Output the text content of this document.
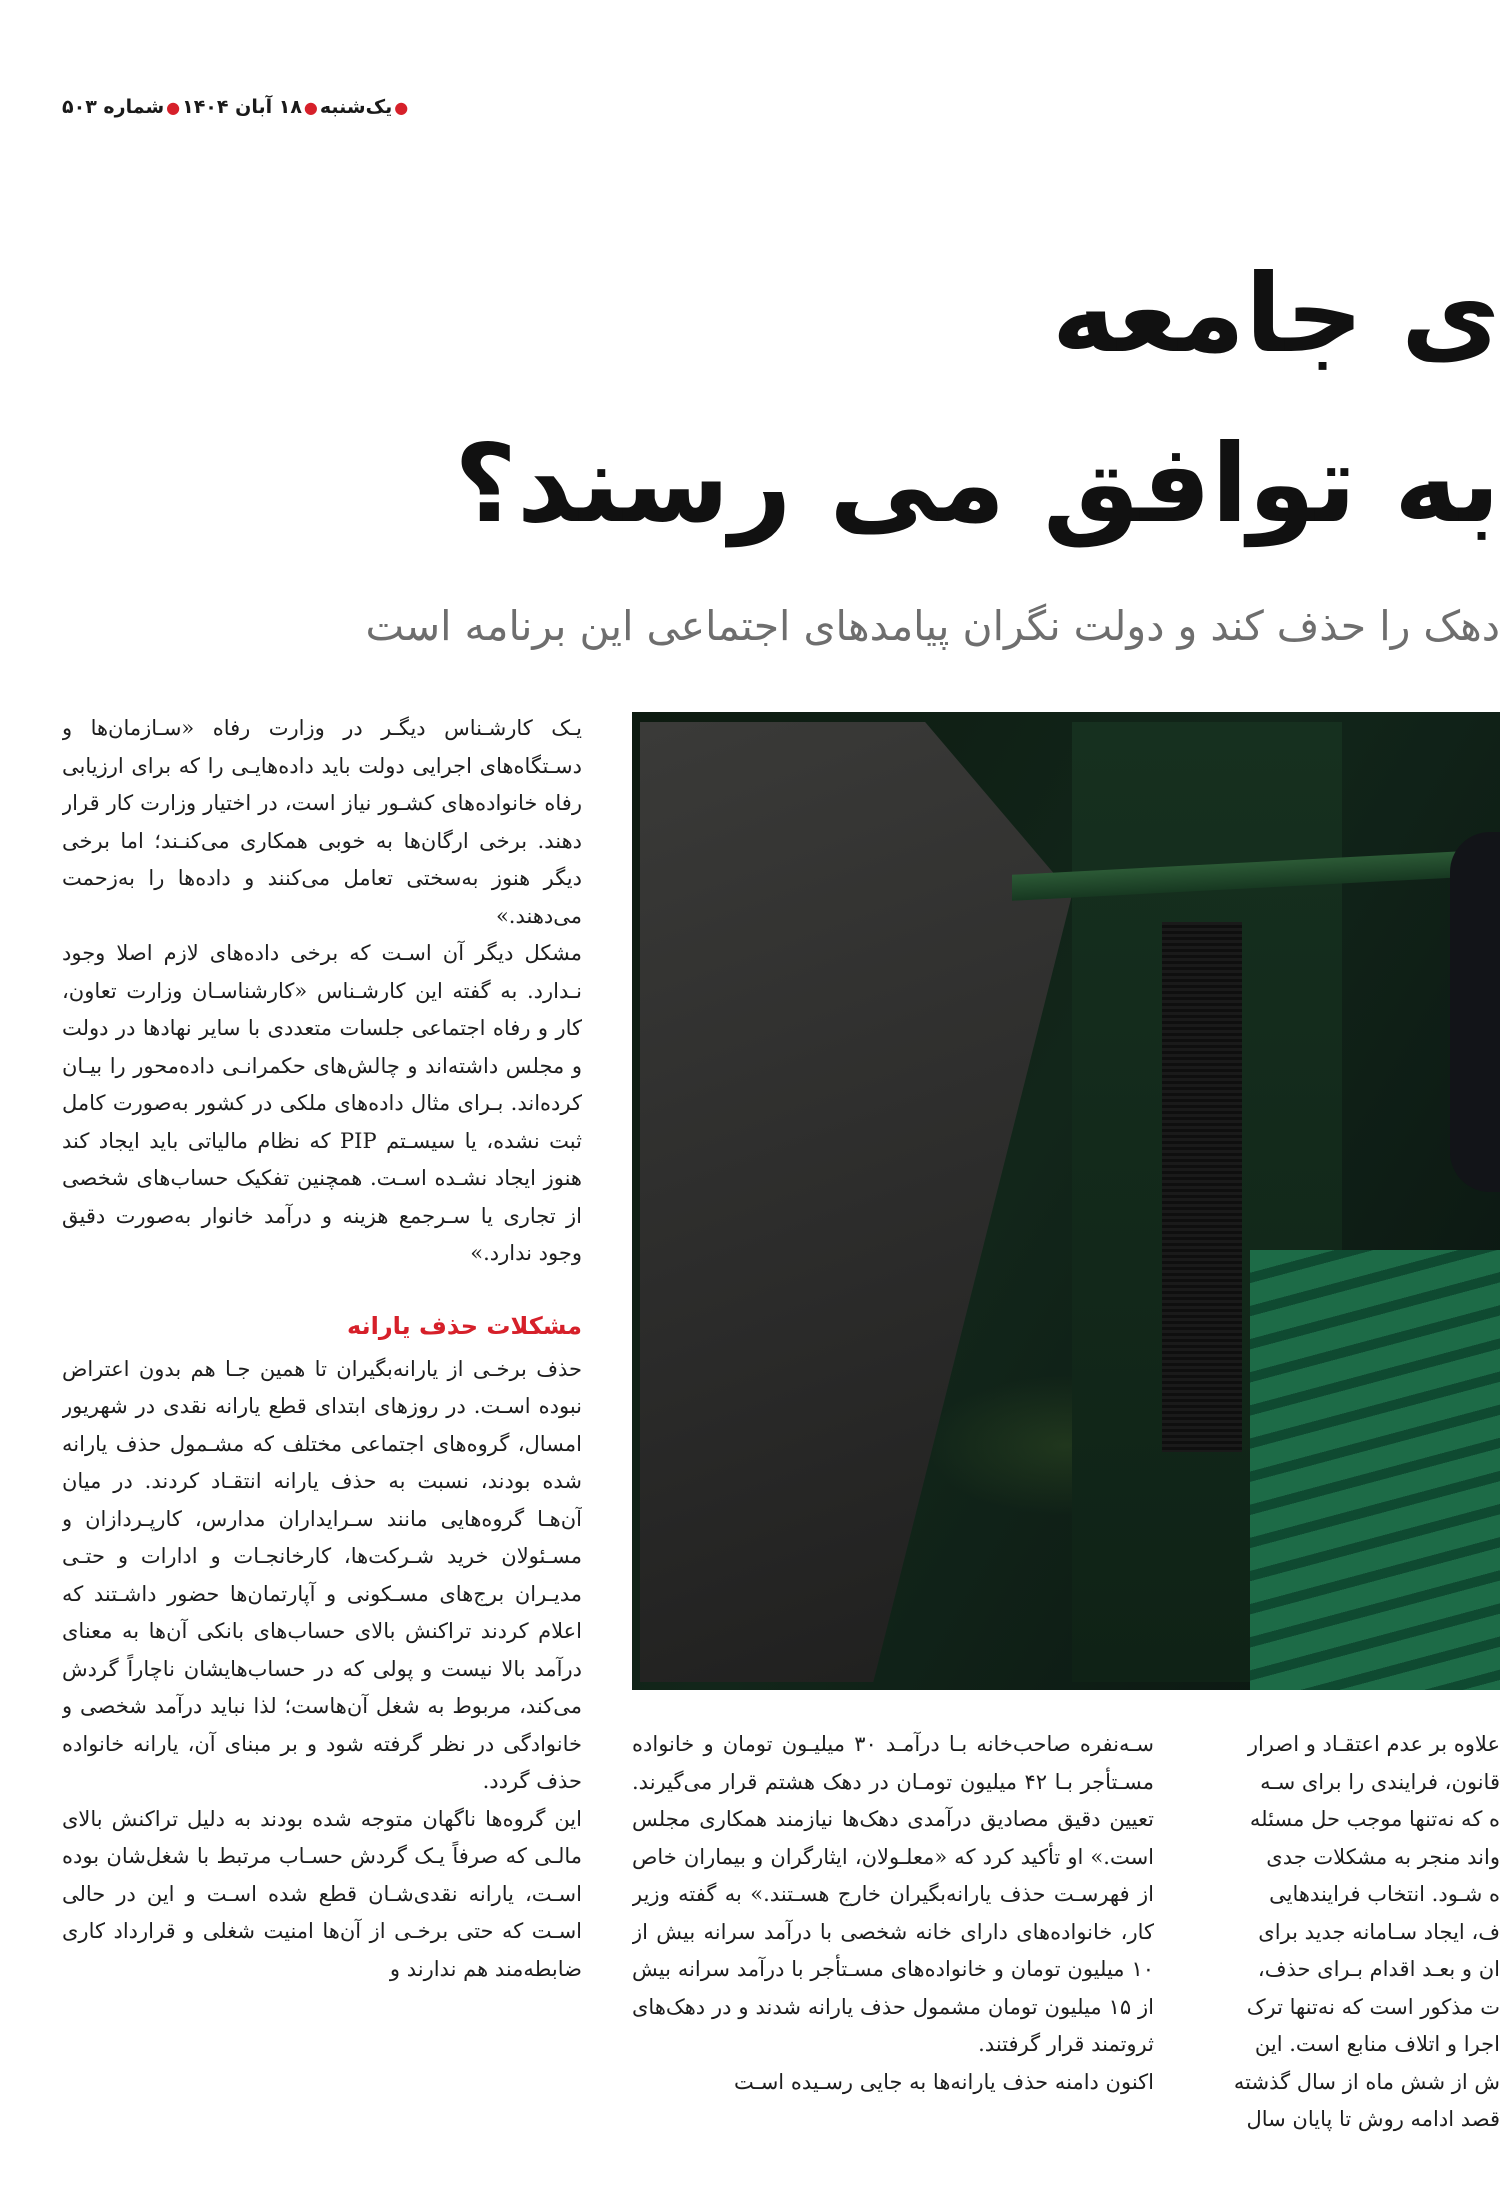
●یک‌شنبه●۱۸ آبان ۱۴۰۴●شماره ۵۰۳
ی جامعه
به توافق می رسند؟
دهک را حذف کند و دولت نگران پیامدهای اجتماعی این برنامه است

یـک کارشـناس دیگـر در وزارت رفاه «سـازمان‌ها و دسـتگاه‌های اجرایی دولت باید داده‌هایـی را که برای ارزیابی رفاه خانواده‌های کشـور نیاز است، در اختیار وزارت کار قرار دهند. برخی ارگان‌ها به خوبی همکاری می‌کنـند؛ اما برخی دیگر هنوز به‌سختی تعامل می‌کنند و داده‌ها را به‌زحمت می‌دهند.»

مشکل دیگر آن اسـت که برخی داده‌های لازم اصلا وجود نـدارد. به گفته این کارشـناس «کارشناسـان وزارت تعاون، کار و رفاه اجتماعی جلسات متعددی با سایر نهادها در دولت و مجلس داشته‌اند و چالش‌های حکمرانـی داده‌محور را بیـان کرده‌اند. بـرای مثال داده‌های ملکی در کشور به‌صورت کامل ثبت نشده، یا سیسـتم PIP که نظام مالیاتی باید ایجاد کند هنوز ایجاد نشـده اسـت. همچنین تفکیک حساب‌های شخصی از تجاری یا سـرجمع هزینه و درآمد خانوار به‌صورت دقیق وجود ندارد.»

مشکلات حذف یارانه

حذف برخـی از یارانه‌بگیران تا همین جـا هم بدون اعتراض نبوده اسـت. در روزهای ابتدای قطع یارانه نقدی در شهریور امسال، گروه‌های اجتماعی مختلف که مشـمول حذف یارانه شده بودند، نسبت به حذف یارانه انتقـاد کردند. در میان آن‌هـا گروه‌هایی مانند سـرایداران مدارس، کارپـردازان و مسـئولان خرید شـرکت‌ها، کارخانجـات و ادارات و حتـی مدیـران برج‌های مسـکونی و آپارتمان‌ها حضور داشـتند که اعلام کردند تراکنش بالای حساب‌های بانکی آن‌ها به معنای درآمد بالا نیست و پولی که در حساب‌هایشان ناچاراً گردش می‌کند، مربوط به شغل آن‌هاست؛ لذا نباید درآمد شخصی و خانوادگی در نظر گرفته شود و بر مبنای آن، یارانه خانواده حذف گردد.

این گروه‌ها ناگهان متوجه شده بودند به دلیل تراکنش بالای مالـی که صرفاً یـک گردش حسـاب مرتبط با شغل‌شان بوده اسـت، یارانه نقدی‌شـان قطع شده اسـت و این در حالی اسـت که حتی برخـی از آن‌ها امنیت شغلی و قرارداد کاری ضابطه‌مند هم ندارند و

سـه‌نفره صاحب‌خانه بـا درآمـد ۳۰ میلیـون تومان و خانواده مسـتأجر بـا ۴۲ میلیون تومـان در دهک هشتم قرار می‌گیرند. تعیین دقیق مصادیق درآمدی دهک‌ها نیازمند همکاری مجلس است.» او تأکید کرد که «معلـولان، ایثارگران و بیماران خاص از فهرسـت حذف یارانه‌بگیران خارج هسـتند.» به گفته وزیر کار، خانواده‌های دارای خانه شخصی با درآمد سرانه بیش از ۱۰ میلیون تومان و خانواده‌های مسـتأجر با درآمد سرانه بیش از ۱۵ میلیون تومان مشمول حذف یارانه شدند و در دهک‌های ثروتمند قرار گرفتند.

اکنون دامنه حذف یارانه‌ها به جایی رسـیده اسـت

علاوه بر عدم اعتقـاد و اصرار

قانون، فرایندی را برای سـه

ه که نه‌تنها موجب حل مسئله

واند منجر به مشکلات جدی

ه شـود. انتخاب فرایندهایی

ف، ایجاد سـامانه جدید برای

ان و بعـد اقدام بـرای حذف،

ت مذکور است که نه‌تنها ترک

اجرا و اتلاف منابع است. این

ش از شش ماه از سال گذشته

قصد ادامه روش تا پایان سال
